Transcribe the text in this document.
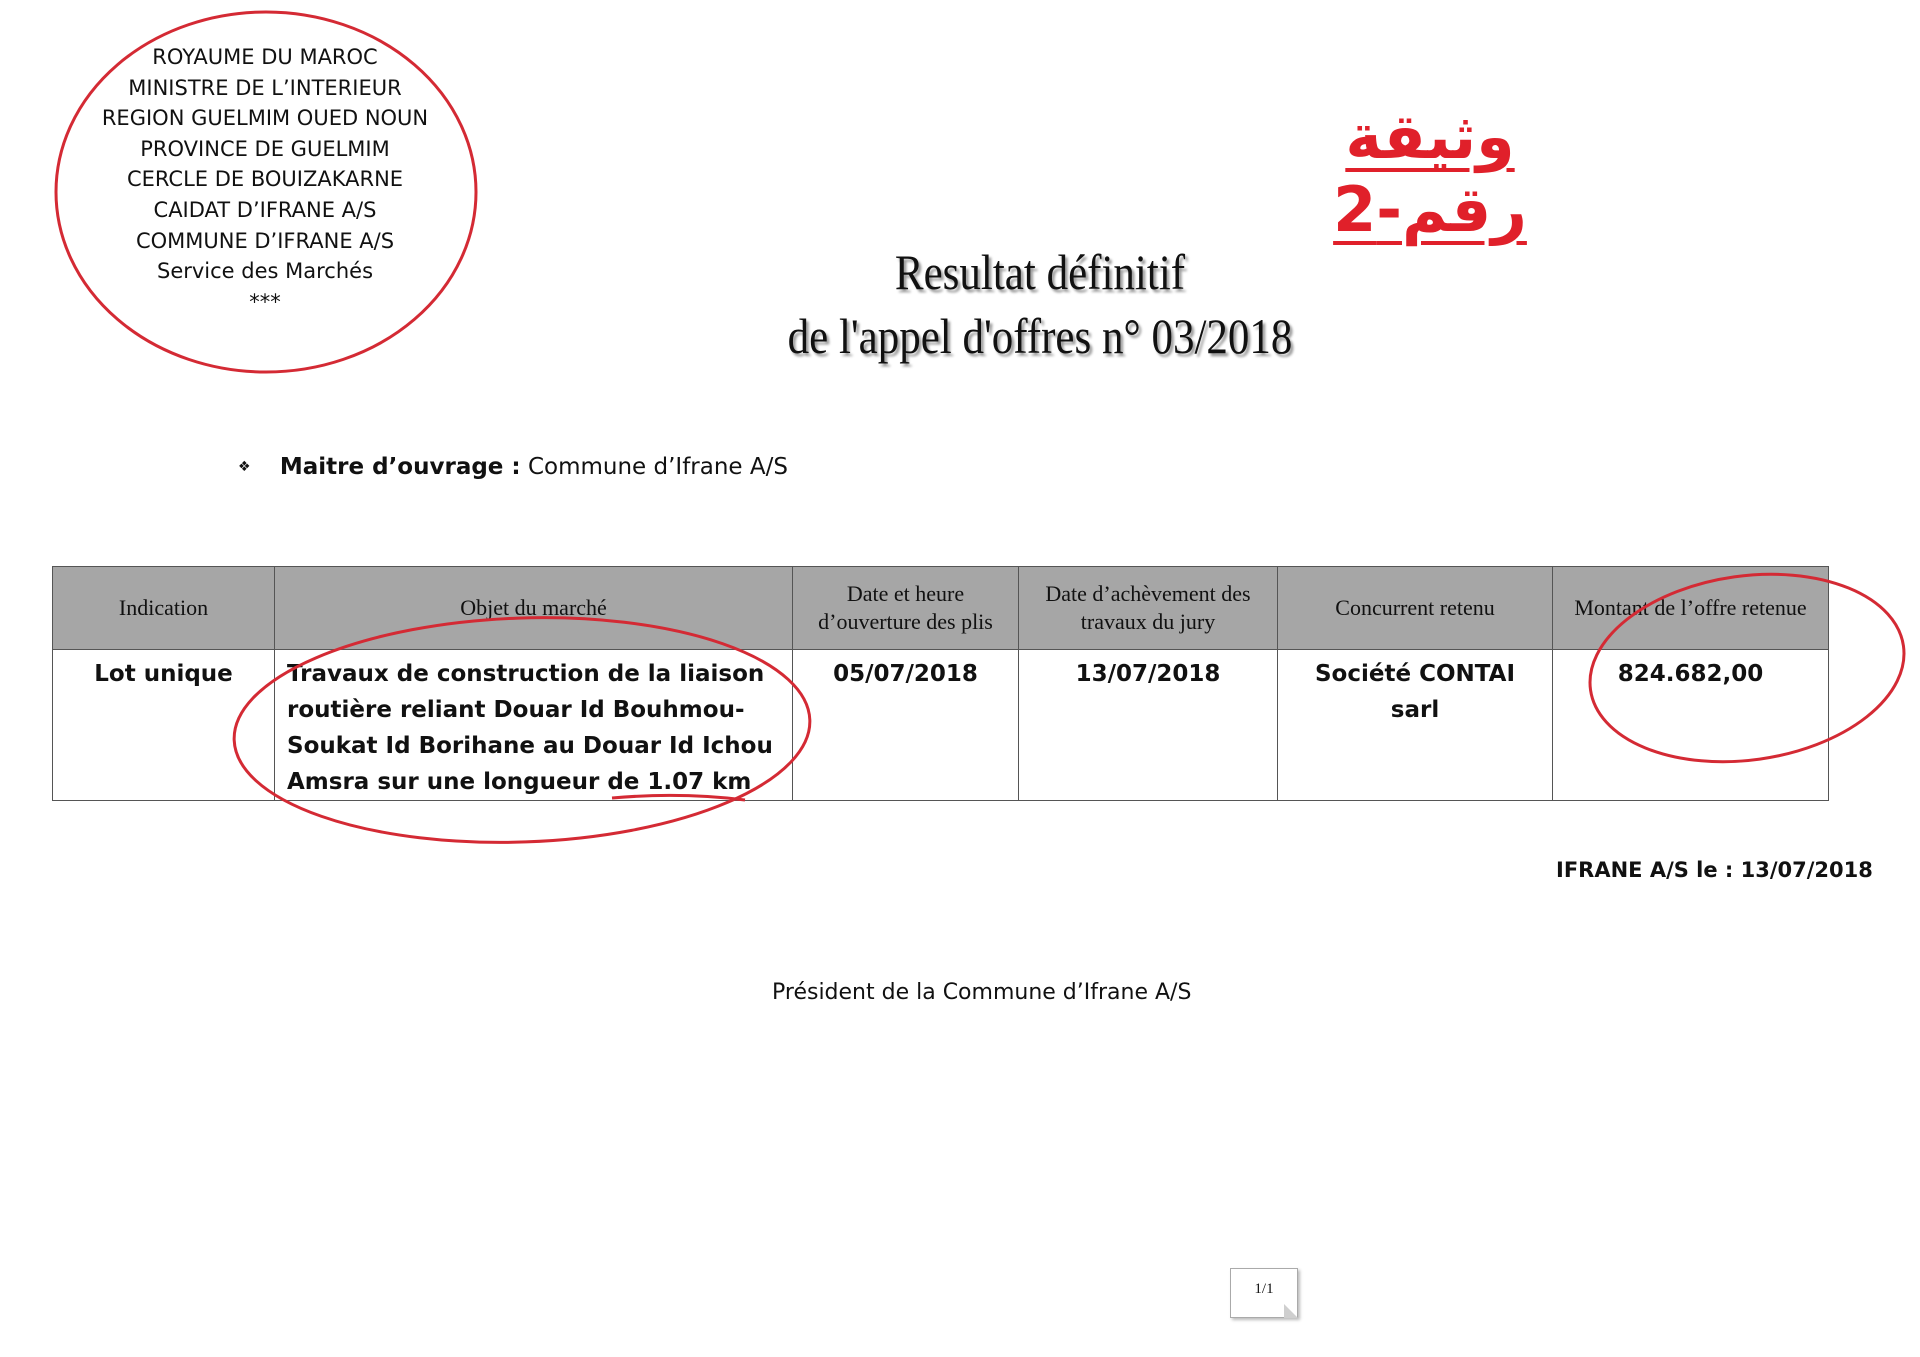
ROYAUME DU MAROC
MINISTRE DE L’INTERIEUR
REGION GUELMIM OUED NOUN
PROVINCE DE GUELMIM
CERCLE DE BOUIZAKARNE
CAIDAT D’IFRANE A/S
COMMUNE D’IFRANE A/S
Service des Marchés
***
وثيقة رقم-2
Resultat définitif
de l'appel d'offres n° 03/2018
❖ Maitre d’ouvrage : Commune d’Ifrane A/S
Indication	Objet du marché	Date et heure d’ouverture des plis	Date d’achèvement des travaux du jury	Concurrent retenu	Montant de l’offre retenue
Lot unique	Travaux de construction de la liaison routière reliant Douar Id Bouhmou-Soukat Id Borihane au Douar Id Ichou Amsra sur une longueur de 1.07 km	05/07/2018	13/07/2018	Société CONTAI sarl	824.682,00
IFRANE A/S le : 13/07/2018
Président de la Commune d’Ifrane A/S
1/1
